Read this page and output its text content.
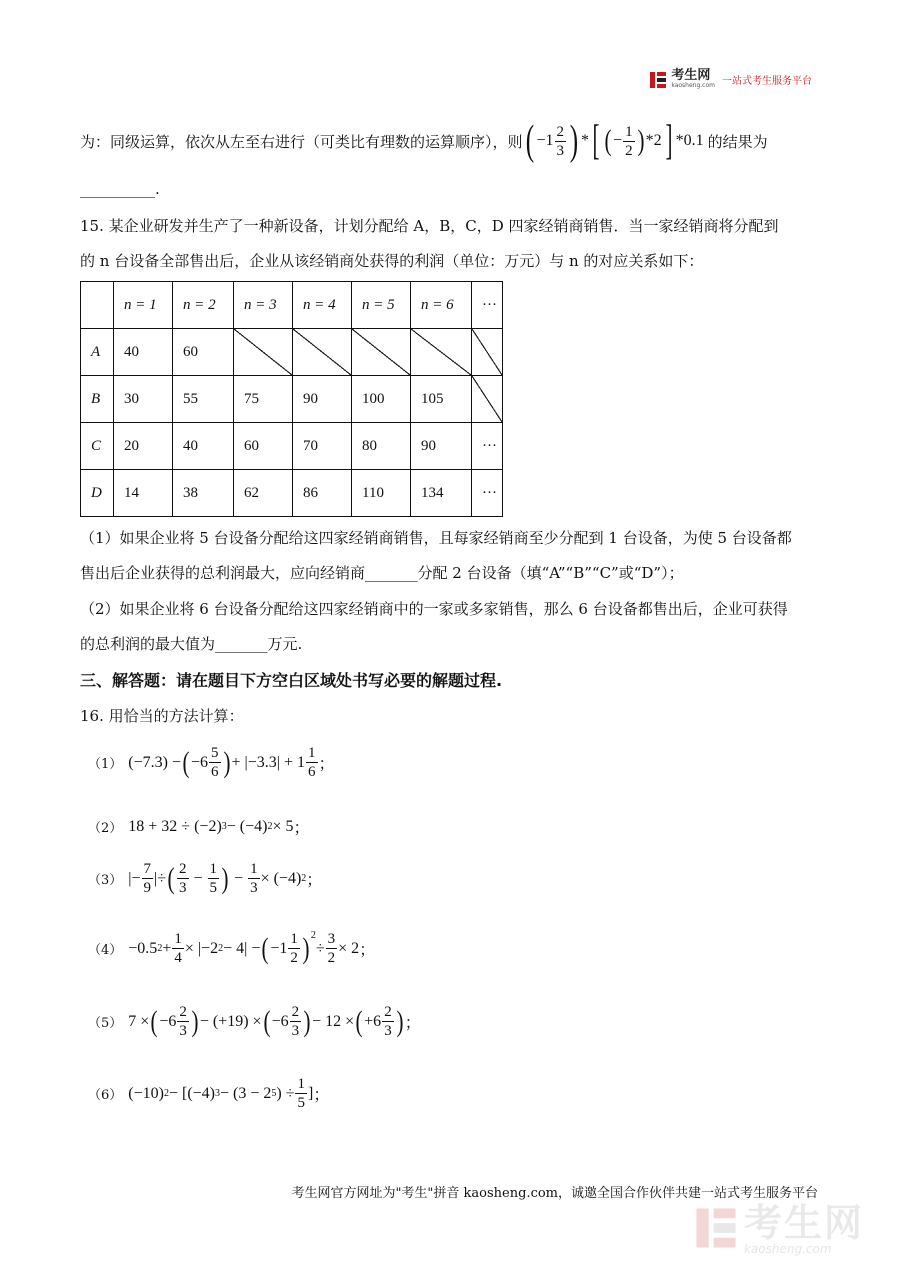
考生网
kaosheng.com 一站式考生服务平台
为：同级运算，依次从左至右进行（可类比有理数的运算顺序），则 ( $-1 \frac{2}{3}$ ) * [ ( − $\frac{1}{2}$ ) *2 ] *0.1 的结果为
__________.
15. 某企业研发并生产了一种新设备，计划分配给 A，B，C，D 四家经销商销售．当一家经销商将分配到
的 n 台设备全部售出后，企业从该经销商处获得的利润（单位：万元）与 n 的对应关系如下：
	n = 1	n = 2	n = 3	n = 4	n = 5	n = 6	···
A	40	60					
B	30	55	75	90	100	105	
C	20	40	60	70	80	90	···
D	14	38	62	86	110	134	···
（1）如果企业将 5 台设备分配给这四家经销商销售，且每家经销商至少分配到 1 台设备，为使 5 台设备都
售出后企业获得的总利润最大，应向经销商_______分配 2 台设备（填“A”“B”“C”或“D”）；
（2）如果企业将 6 台设备分配给这四家经销商中的一家或多家销售，那么 6 台设备都售出后，企业可获得
的总利润的最大值为_______万元.
三、解答题：请在题目下方空白区域处书写必要的解题过程.
16. 用恰当的方法计算：
（1） (−7.3) − ( $-6 \frac{5}{6}$ ) + $|-3.3| + 1 \frac{1}{6}$ ；
（2） 18 + 32 ÷ (−2) 3 − (−4) 2 × 5 ；
（3） |− $\frac{7}{9}$ | ÷ ( $\frac{2}{3} - \frac{1}{5}$ ) − $\frac{1}{3} \times (-4)$ 2 ；
（4） −0.5 $2 + \frac{1}{4} \times |-2$ 2 − 4| − ( $-1 \frac{1}{2}$ ) 2
÷ $\frac{3}{2} \times 2$ ；
（5） 7 × ( $-6 \frac{2}{3}$ ) − (+19) × ( $-6 \frac{2}{3}$ ) − 12 × ( $+6 \frac{2}{3}$ ) ；
（6） (−10) 2 − [(−4) 3 − (3 − 2 5 ) ÷ $\frac{1}{5}$ ] ；
考生网官方网址为"考生"拼音 kaosheng.com，诚邀全国合作伙伴共建一站式考生服务平台
考生网
kaosheng.com
